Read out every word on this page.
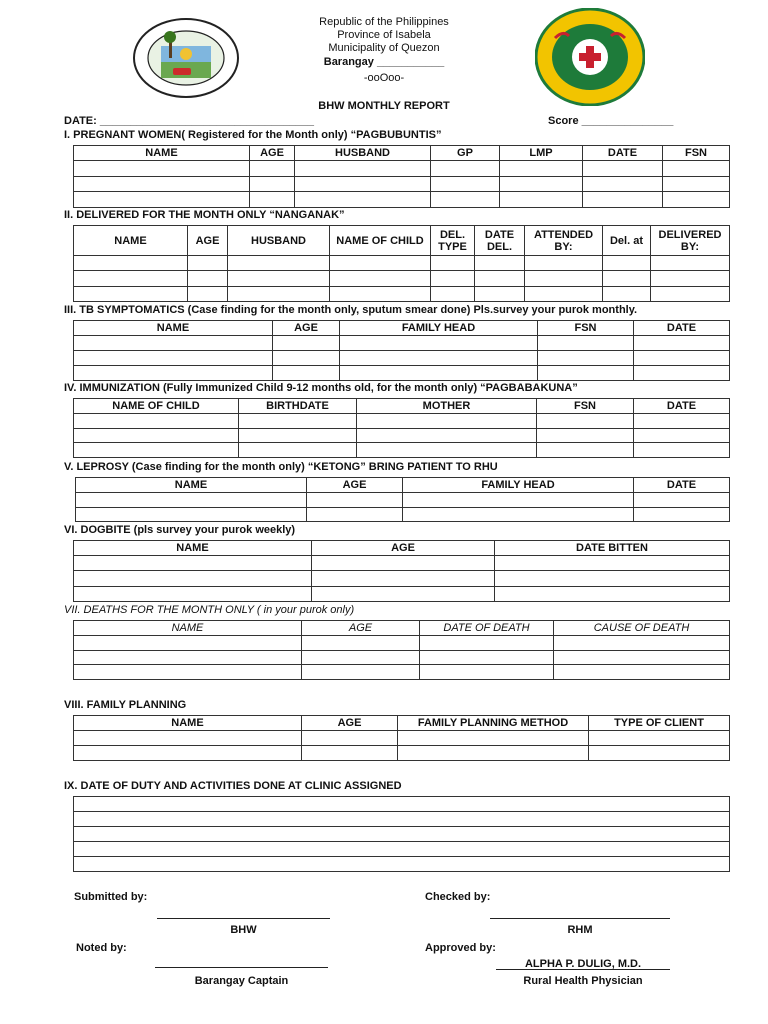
Republic of the Philippines
Province of Isabela
Municipality of Quezon
Barangay ___________
-ooOoo-
BHW MONTHLY REPORT
DATE: ___________________________________	Score _______________
I. PREGNANT WOMEN( Registered for the Month only) “PAGBUBUNTIS”
NAME	AGE	HUSBAND	GP	LMP	DATE	FSN

II. DELIVERED FOR THE MONTH ONLY “NANGANAK”
NAME	AGE	HUSBAND	NAME OF CHILD	DEL. TYPE	DATE DEL.	ATTENDED BY:	Del. at	DELIVERED BY:

III. TB SYMPTOMATICS (Case finding for the month only, sputum smear done) Pls.survey your purok monthly.
NAME	AGE	FAMILY HEAD	FSN	DATE

IV. IMMUNIZATION (Fully Immunized Child 9-12 months old, for the month only) “PAGBABAKUNA”
NAME OF CHILD	BIRTHDATE	MOTHER	FSN	DATE

V. LEPROSY (Case finding for the month only) “KETONG” BRING PATIENT TO RHU
NAME	AGE	FAMILY HEAD	DATE

VI. DOGBITE (pls survey your purok weekly)
NAME	AGE	DATE BITTEN

VII. DEATHS FOR THE MONTH ONLY ( in your purok only)
NAME	AGE	DATE OF DEATH	CAUSE OF DEATH

VIII. FAMILY PLANNING
NAME	AGE	FAMILY PLANNING METHOD	TYPE OF CLIENT

IX. DATE OF DUTY AND ACTIVITIES DONE AT CLINIC ASSIGNED

Submitted by:
BHW
Checked by:
RHM
Noted by:
Barangay Captain
Approved by:
ALPHA P. DULIG, M.D.
Rural Health Physician
